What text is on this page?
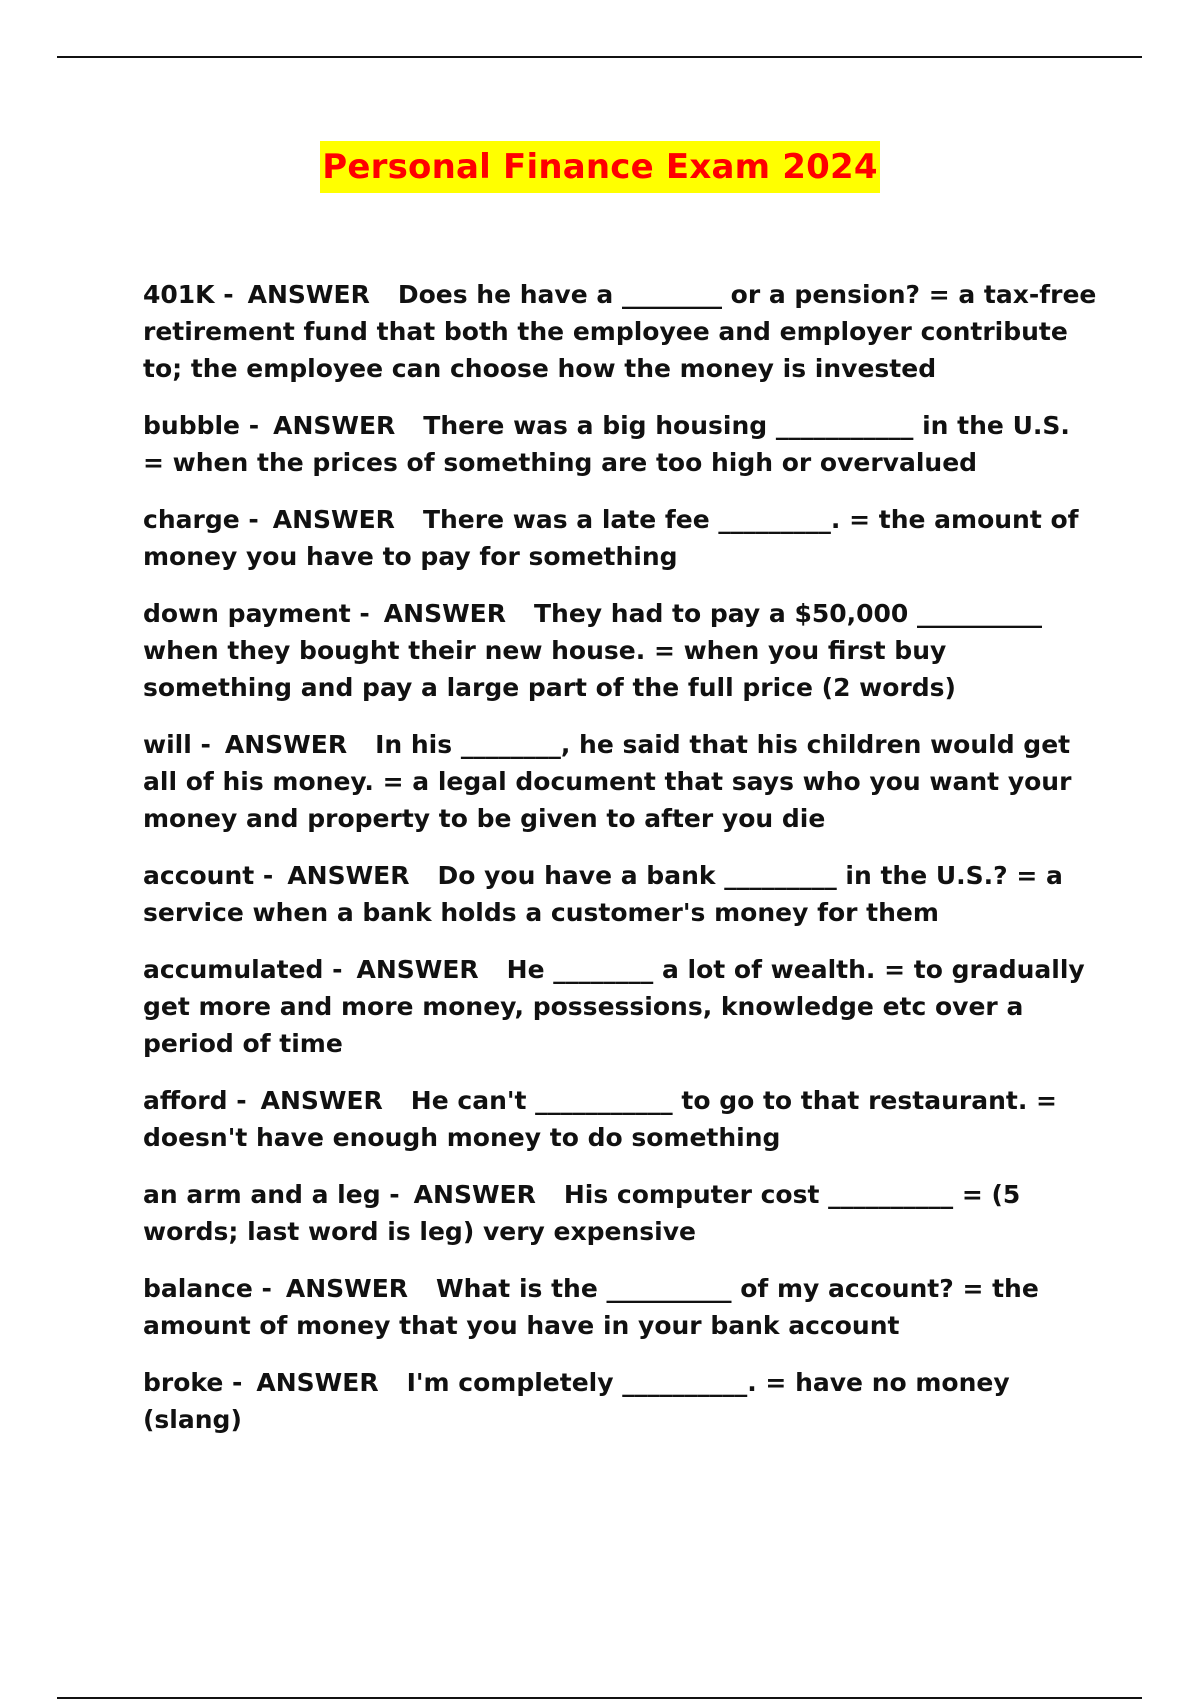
Personal Finance Exam 2024

401K - ANSWER Does he have a ________ or a pension? = a tax-free retirement fund that both the employee and employer contribute to; the employee can choose how the money is invested

bubble - ANSWER There was a big housing ___________ in the U.S. = when the prices of something are too high or overvalued

charge - ANSWER There was a late fee _________. = the amount of money you have to pay for something

down payment - ANSWER They had to pay a $50,000 __________ when they bought their new house. = when you first buy something and pay a large part of the full price (2 words)

will - ANSWER In his ________, he said that his children would get all of his money. = a legal document that says who you want your money and property to be given to after you die

account - ANSWER Do you have a bank _________ in the U.S.? = a service when a bank holds a customer's money for them

accumulated - ANSWER He ________ a lot of wealth. = to gradually get more and more money, possessions, knowledge etc over a period of time

afford - ANSWER He can't ___________ to go to that restaurant. = doesn't have enough money to do something

an arm and a leg - ANSWER His computer cost __________ = (5 words; last word is leg) very expensive

balance - ANSWER What is the __________ of my account? = the amount of money that you have in your bank account

broke - ANSWER I'm completely __________. = have no money (slang)
